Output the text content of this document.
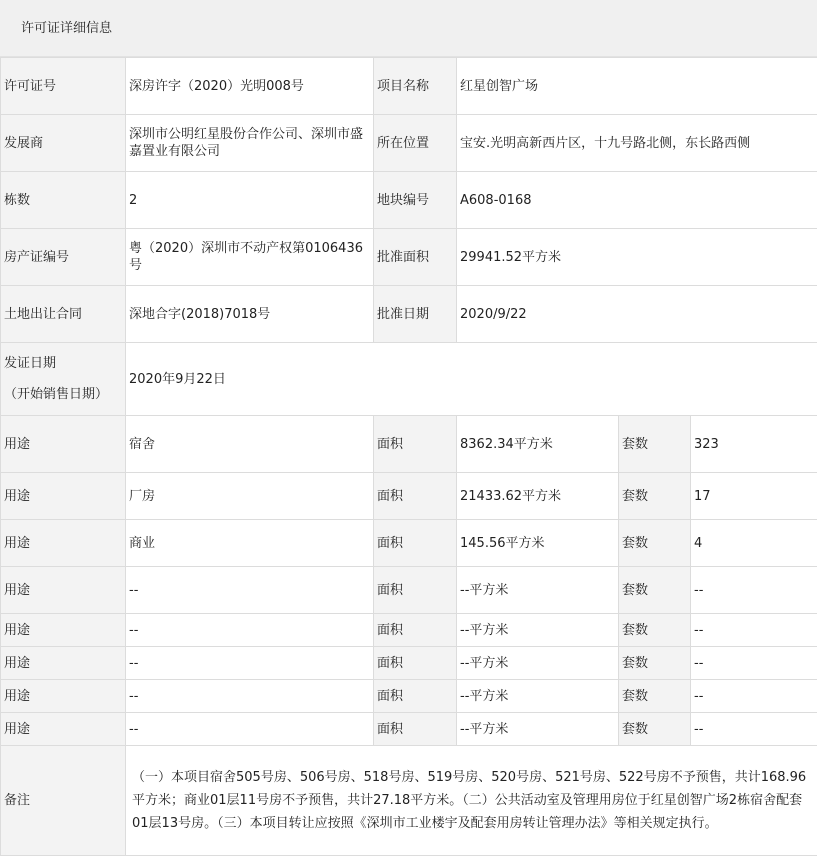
许可证详细信息
许可证号	深房许字（2020）光明008号	项目名称	红星创智广场		
发展商	深圳市公明红星股份合作公司、深圳市盛嘉置业有限公司	所在位置	宝安.光明高新西片区，十九号路北侧，东长路西侧		
栋数	2	地块编号	A608-0168		
房产证编号	粤（2020）深圳市不动产权第0106436号	批准面积	29941.52平方米		
土地出让合同	深地合字(2018)7018号	批准日期	2020/9/22		

发证日期
（开始销售日期）	2020年9月22日				
用途	宿舍	面积	8362.34平方米	套数	323
用途	厂房	面积	21433.62平方米	套数	17
用途	商业	面积	145.56平方米	套数	4
用途	--	面积	--平方米	套数	--
用途	--	面积	--平方米	套数	--
用途	--	面积	--平方米	套数	--
用途	--	面积	--平方米	套数	--
用途	--	面积	--平方米	套数	--
备注	（一）本项目宿舍505号房、506号房、518号房、519号房、520号房、521号房、522号房不予预售，共计168.96平方米；商业01层11号房不予预售，共计27.18平方米。（二）公共活动室及管理用房位于红星创智广场2栋宿舍配套01层13号房。（三）本项目转让应按照《深圳市工业楼宇及配套用房转让管理办法》等相关规定执行。				
